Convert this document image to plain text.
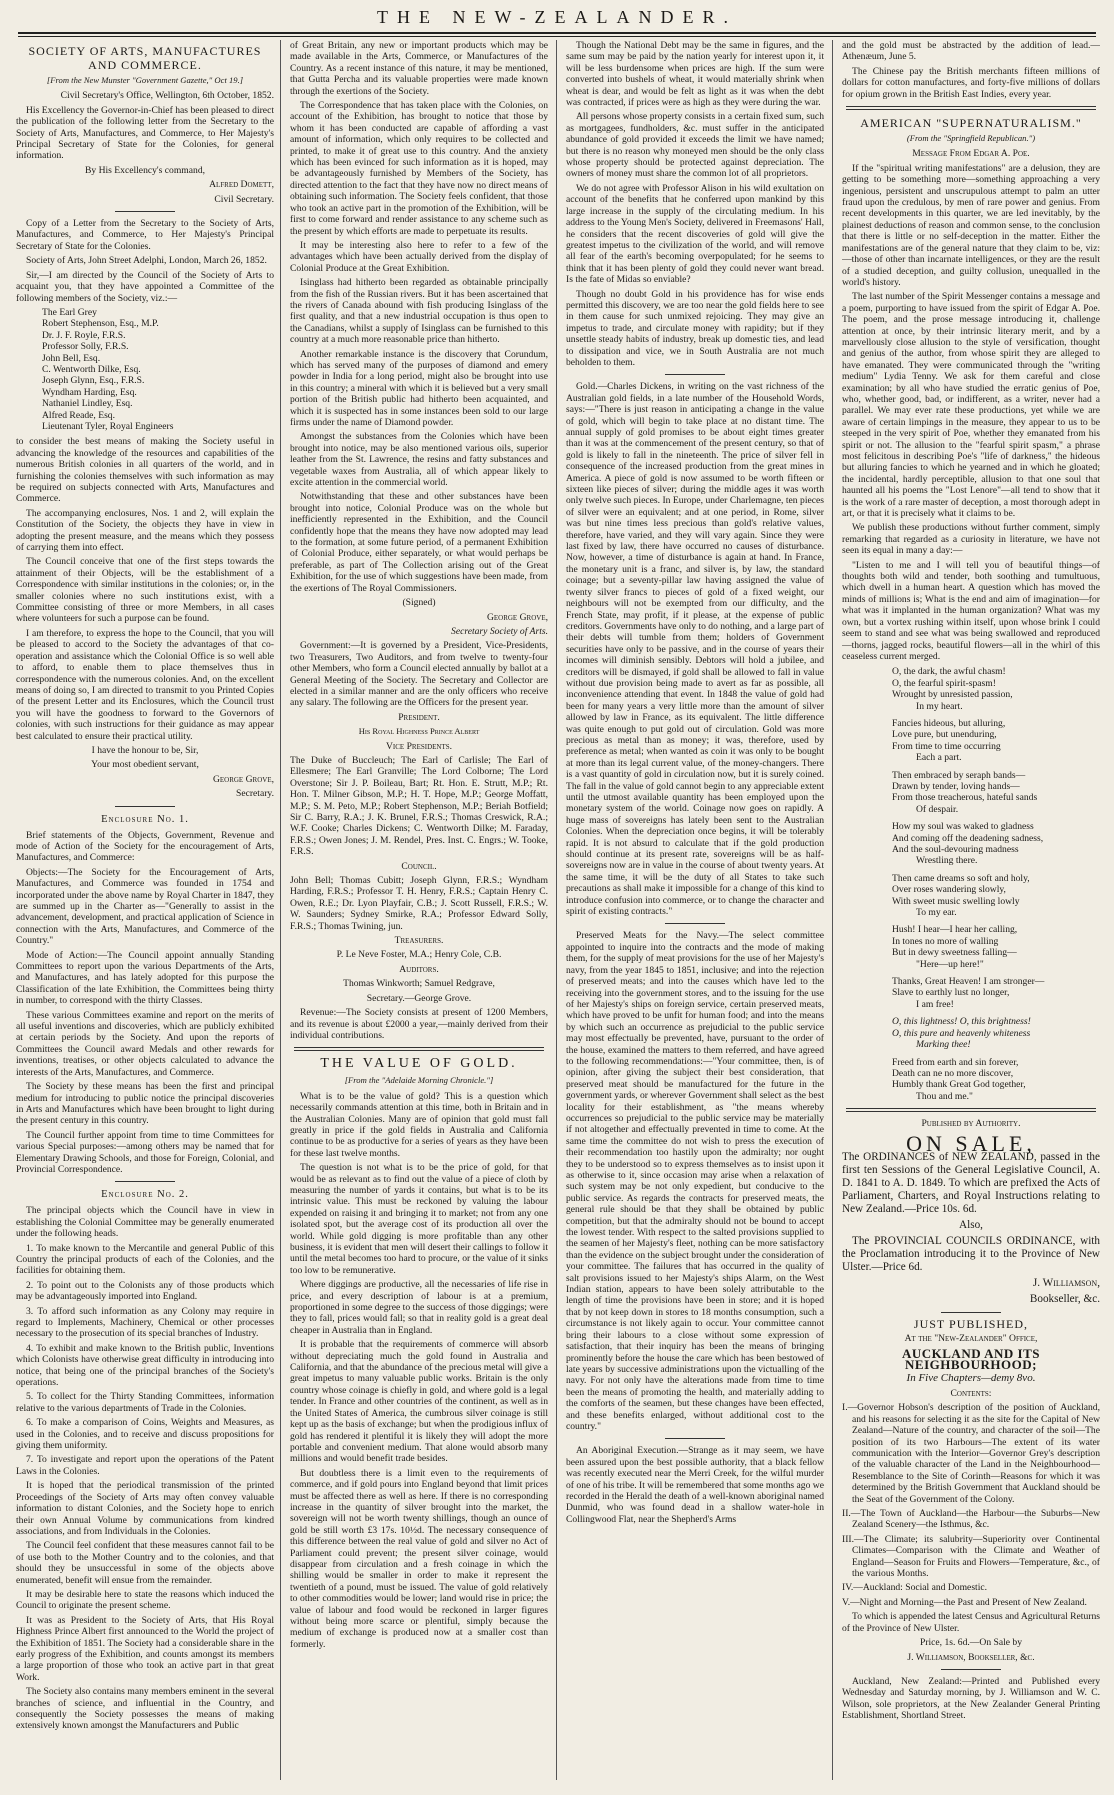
THE NEW-ZEALANDER.
SOCIETY OF ARTS, MANUFACTURES AND COMMERCE.
[From the New Munster "Government Gazette," Oct 19.]

Civil Secretary's Office, Wellington, 6th October, 1852.

His Excellency the Governor-in-Chief has been pleased to direct the publication of the following letter from the Secretary to the Society of Arts, Manufactures, and Commerce, to Her Majesty's Principal Secretary of State for the Colonies, for general information.

By His Excellency's command,

Alfred Domett,

Civil Secretary.

Copy of a Letter from the Secretary to the Society of Arts, Manufactures, and Commerce, to Her Majesty's Principal Secretary of State for the Colonies.

Society of Arts, John Street Adelphi, London, March 26, 1852.

Sir,—I am directed by the Council of the Society of Arts to acquaint you, that they have appointed a Committee of the following members of the Society, viz.:—

The Earl Grey
Robert Stephenson, Esq., M.P.
Dr. J. F. Royle, F.R.S.
Professor Solly, F.R.S.
John Bell, Esq.
C. Wentworth Dilke, Esq.
Joseph Glynn, Esq., F.R.S.
Wyndham Harding, Esq.
Nathaniel Lindley, Esq.
Alfred Reade, Esq.
Lieutenant Tyler, Royal Engineers

to consider the best means of making the Society useful in advancing the knowledge of the resources and capabilities of the numerous British colonies in all quarters of the world, and in furnishing the colonies themselves with such information as may be required on subjects connected with Arts, Manufactures and Commerce.

The accompanying enclosures, Nos. 1 and 2, will explain the Constitution of the Society, the objects they have in view in adopting the present measure, and the means which they possess of carrying them into effect.

The Council conceive that one of the first steps towards the attainment of their Objects, will be the establishment of a Correspondence with similar institutions in the colonies; or, in the smaller colonies where no such institutions exist, with a Committee consisting of three or more Members, in all cases where volunteers for such a purpose can be found.

I am therefore, to express the hope to the Council, that you will be pleased to accord to the Society the advantages of that co-operation and assistance which the Colonial Office is so well able to afford, to enable them to place themselves thus in correspondence with the numerous colonies. And, on the excellent means of doing so, I am directed to transmit to you Printed Copies of the present Letter and its Enclosures, which the Council trust you will have the goodness to forward to the Governors of colonies, with such instructions for their guidance as may appear best calculated to ensure their practical utility.

I have the honour to be, Sir,

Your most obedient servant,

George Grove,

Secretary.

Enclosure No. 1.

Brief statements of the Objects, Government, Revenue and mode of Action of the Society for the encouragement of Arts, Manufactures, and Commerce:

Objects:—The Society for the Encouragement of Arts, Manufactures, and Commerce was founded in 1754 and incorporated under the above name by Royal Charter in 1847, they are summed up in the Charter as—"Generally to assist in the advancement, development, and practical application of Science in connection with the Arts, Manufactures, and Commerce of the Country."

Mode of Action:—The Council appoint annually Standing Committees to report upon the various Departments of the Arts, and Manufactures, and has lately adopted for this purpose the Classification of the late Exhibition, the Committees being thirty in number, to correspond with the thirty Classes.

These various Committees examine and report on the merits of all useful inventions and discoveries, which are publicly exhibited at certain periods by the Society. And upon the reports of Committees the Council award Medals and other rewards for inventions, treatises, or other objects calculated to advance the interests of the Arts, Manufactures, and Commerce.

The Society by these means has been the first and principal medium for introducing to public notice the principal discoveries in Arts and Manufactures which have been brought to light during the present century in this country.

The Council further appoint from time to time Committees for various Special purposes:—among others may be named that for Elementary Drawing Schools, and those for Foreign, Colonial, and Provincial Correspondence.

Enclosure No. 2.

The principal objects which the Council have in view in establishing the Colonial Committee may be generally enumerated under the following heads.

1. To make known to the Mercantile and general Public of this Country the principal products of each of the Colonies, and the facilities for obtaining them.

2. To point out to the Colonists any of those products which may be advantageously imported into England.

3. To afford such information as any Colony may require in regard to Implements, Machinery, Chemical or other processes necessary to the prosecution of its special branches of Industry.

4. To exhibit and make known to the British public, Inventions which Colonists have otherwise great difficulty in introducing into notice, that being one of the principal branches of the Society's operations.

5. To collect for the Thirty Standing Committees, information relative to the various departments of Trade in the Colonies.

6. To make a comparison of Coins, Weights and Measures, as used in the Colonies, and to receive and discuss propositions for giving them uniformity.

7. To investigate and report upon the operations of the Patent Laws in the Colonies.

It is hoped that the periodical transmission of the printed Proceedings of the Society of Arts may often convey valuable information to distant Colonies, and the Society hope to enrich their own Annual Volume by communications from kindred associations, and from Individuals in the Colonies.

The Council feel confident that these measures cannot fail to be of use both to the Mother Country and to the colonies, and that should they be unsuccessful in some of the objects above enumerated, benefit will ensue from the remainder.

It may be desirable here to state the reasons which induced the Council to originate the present scheme.

It was as President to the Society of Arts, that His Royal Highness Prince Albert first announced to the World the project of the Exhibition of 1851. The Society had a considerable share in the early progress of the Exhibition, and counts amongst its members a large proportion of those who took an active part in that great Work.

The Society also contains many members eminent in the several branches of science, and influential in the Country, and consequently the Society possesses the means of making extensively known amongst the Manufacturers and Public

of Great Britain, any new or important products which may be made available in the Arts, Commerce, or Manufactures of the Country. As a recent instance of this nature, it may be mentioned, that Gutta Percha and its valuable properties were made known through the exertions of the Society.

The Correspondence that has taken place with the Colonies, on account of the Exhibition, has brought to notice that those by whom it has been conducted are capable of affording a vast amount of information, which only requires to be collected and printed, to make it of great use to this country. And the anxiety which has been evinced for such information as it is hoped, may be advantageously furnished by Members of the Society, has directed attention to the fact that they have now no direct means of obtaining such information. The Society feels confident, that those who took an active part in the promotion of the Exhibition, will be first to come forward and render assistance to any scheme such as the present by which efforts are made to perpetuate its results.

It may be interesting also here to refer to a few of the advantages which have been actually derived from the display of Colonial Produce at the Great Exhibition.

Isinglass had hitherto been regarded as obtainable principally from the fish of the Russian rivers. But it has been ascertained that the rivers of Canada abound with fish producing Isinglass of the first quality, and that a new industrial occupation is thus open to the Canadians, whilst a supply of Isinglass can be furnished to this country at a much more reasonable price than hitherto.

Another remarkable instance is the discovery that Corundum, which has served many of the purposes of diamond and emery powder in India for a long period, might also be brought into use in this country; a mineral with which it is believed but a very small portion of the British public had hitherto been acquainted, and which it is suspected has in some instances been sold to our large firms under the name of Diamond powder.

Amongst the substances from the Colonies which have been brought into notice, may be also mentioned various oils, superior leather from the St. Lawrence, the resins and fatty substances and vegetable waxes from Australia, all of which appear likely to excite attention in the commercial world.

Notwithstanding that these and other substances have been brought into notice, Colonial Produce was on the whole but inefficiently represented in the Exhibition, and the Council confidently hope that the means they have now adopted may lead to the formation, at some future period, of a permanent Exhibition of Colonial Produce, either separately, or what would perhaps be preferable, as part of The Collection arising out of the Great Exhibition, for the use of which suggestions have been made, from the exertions of The Royal Commissioners.

(Signed)

George Grove,

Secretary Society of Arts.

Government:—It is governed by a President, Vice-Presidents, two Treasurers, Two Auditors, and from twelve to twenty-four other Members, who form a Council elected annually by ballot at a General Meeting of the Society. The Secretary and Collector are elected in a similar manner and are the only officers who receive any salary. The following are the Officers for the present year.

President.

His Royal Highness Prince Albert

Vice Presidents.

The Duke of Buccleuch; The Earl of Carlisle; The Earl of Ellesmere; The Earl Granville; The Lord Colborne; The Lord Overstone; Sir J. P. Boileau, Bart; Rt. Hon. E. Strutt, M.P.; Rt. Hon. T. Milner Gibson, M.P.; H. T. Hope, M.P.; George Moffatt, M.P.; S. M. Peto, M.P.; Robert Stephenson, M.P.; Beriah Botfield; Sir C. Barry, R.A.; J. K. Brunel, F.R.S.; Thomas Creswick, R.A.; W.F. Cooke; Charles Dickens; C. Wentworth Dilke; M. Faraday, F.R.S.; Owen Jones; J. M. Rendel, Pres. Inst. C. Engrs.; W. Tooke, F.R.S.

Council.

John Bell; Thomas Cubitt; Joseph Glynn, F.R.S.; Wyndham Harding, F.R.S.; Professor T. H. Henry, F.R.S.; Captain Henry C. Owen, R.E.; Dr. Lyon Playfair, C.B.; J. Scott Russell, F.R.S.; W. W. Saunders; Sydney Smirke, R.A.; Professor Edward Solly, F.R.S.; Thomas Twining, jun.

Treasurers.

P. Le Neve Foster, M.A.; Henry Cole, C.B.

Auditors.

Thomas Winkworth; Samuel Redgrave,

Secretary.—George Grove.

Revenue:—The Society consists at present of 1200 Members, and its revenue is about £2000 a year,—mainly derived from their individual contributions.

THE VALUE OF GOLD.
[From the "Adelaide Morning Chronicle."]

What is to be the value of gold? This is a question which necessarily commands attention at this time, both in Britain and in the Australian Colonies. Many are of opinion that gold must fall greatly in price if the gold fields in Australia and California continue to be as productive for a series of years as they have been for these last twelve months.

The question is not what is to be the price of gold, for that would be as relevant as to find out the value of a piece of cloth by measuring the number of yards it contains, but what is to be its intrinsic value. This must be reckoned by valuing the labour expended on raising it and bringing it to market; not from any one isolated spot, but the average cost of its production all over the world. While gold digging is more profitable than any other business, it is evident that men will desert their callings to follow it until the metal becomes too hard to procure, or the value of it sinks too low to be remunerative.

Where diggings are productive, all the necessaries of life rise in price, and every description of labour is at a premium, proportioned in some degree to the success of those diggings; were they to fall, prices would fall; so that in reality gold is a great deal cheaper in Australia than in England.

It is probable that the requirements of commerce will absorb without depreciating much the gold found in Australia and California, and that the abundance of the precious metal will give a great impetus to many valuable public works. Britain is the only country whose coinage is chiefly in gold, and where gold is a legal tender. In France and other countries of the continent, as well as in the United States of America, the cumbrous silver coinage is still kept up as the basis of exchange; but when the prodigious influx of gold has rendered it plentiful it is likely they will adopt the more portable and convenient medium. That alone would absorb many millions and would benefit trade besides.

But doubtless there is a limit even to the requirements of commerce, and if gold pours into England beyond that limit prices must be affected there as well as here. If there is no corresponding increase in the quantity of silver brought into the market, the sovereign will not be worth twenty shillings, though an ounce of gold be still worth £3 17s. 10½d. The necessary consequence of this difference between the real value of gold and silver no Act of Parliament could prevent; the present silver coinage, would disappear from circulation and a fresh coinage in which the shilling would be smaller in order to make it represent the twentieth of a pound, must be issued. The value of gold relatively to other commodities would be lower; land would rise in price; the value of labour and food would be reckoned in larger figures without being more scarce or plentiful, simply because the medium of exchange is produced now at a smaller cost than formerly.

Though the National Debt may be the same in figures, and the same sum may be paid by the nation yearly for interest upon it, it will be less burdensome when prices are high. If the sum were converted into bushels of wheat, it would materially shrink when wheat is dear, and would be felt as light as it was when the debt was contracted, if prices were as high as they were during the war.

All persons whose property consists in a certain fixed sum, such as mortgagees, fundholders, &c. must suffer in the anticipated abundance of gold provided it exceeds the limit we have named; but there is no reason why moneyed men should be the only class whose property should be protected against depreciation. The owners of money must share the common lot of all proprietors.

We do not agree with Professor Alison in his wild exultation on account of the benefits that he conferred upon mankind by this large increase in the supply of the circulating medium. In his address to the Young Men's Society, delivered in Freemasons' Hall, he considers that the recent discoveries of gold will give the greatest impetus to the civilization of the world, and will remove all fear of the earth's becoming overpopulated; for he seems to think that it has been plenty of gold they could never want bread. Is the fate of Midas so enviable?

Though no doubt Gold in his providence has for wise ends permitted this discovery, we are too near the gold fields here to see in them cause for such unmixed rejoicing. They may give an impetus to trade, and circulate money with rapidity; but if they unsettle steady habits of industry, break up domestic ties, and lead to dissipation and vice, we in South Australia are not much beholden to them.

Gold.—Charles Dickens, in writing on the vast richness of the Australian gold fields, in a late number of the Household Words, says:—"There is just reason in anticipating a change in the value of gold, which will begin to take place at no distant time. The annual supply of gold promises to be about eight times greater than it was at the commencement of the present century, so that of gold is likely to fall in the nineteenth. The price of silver fell in consequence of the increased production from the great mines in America. A piece of gold is now assumed to be worth fifteen or sixteen like pieces of silver; during the middle ages it was worth only twelve such pieces. In Europe, under Charlemagne, ten pieces of silver were an equivalent; and at one period, in Rome, silver was but nine times less precious than gold's relative values, therefore, have varied, and they will vary again. Since they were last fixed by law, there have occurred no causes of disturbance. Now, however, a time of disturbance is again at hand. In France, the monetary unit is a franc, and silver is, by law, the standard coinage; but a seventy-pillar law having assigned the value of twenty silver francs to pieces of gold of a fixed weight, our neighbours will not be exempted from our difficulty, and the French State, may profit, if it please, at the expense of public creditors. Governments have only to do nothing, and a large part of their debts will tumble from them; holders of Government securities have only to be passive, and in the course of years their incomes will diminish sensibly. Debtors will hold a jubilee, and creditors will be dismayed, if gold shall be allowed to fall in value without due provision being made to avert as far as possible, all inconvenience attending that event. In 1848 the value of gold had been for many years a very little more than the amount of silver allowed by law in France, as its equivalent. The little difference was quite enough to put gold out of circulation. Gold was more precious as metal than as money; it was, therefore, used by preference as metal; when wanted as coin it was only to be bought at more than its legal current value, of the money-changers. There is a vast quantity of gold in circulation now, but it is surely coined. The fall in the value of gold cannot begin to any appreciable extent until the utmost available quantity has been employed upon the monetary system of the world. Coinage now goes on rapidly. A huge mass of sovereigns has lately been sent to the Australian Colonies. When the depreciation once begins, it will be tolerably rapid. It is not absurd to calculate that if the gold production should continue at its present rate, sovereigns will be as half-sovereigns now are in value in the course of about twenty years. At the same time, it will be the duty of all States to take such precautions as shall make it impossible for a change of this kind to introduce confusion into commerce, or to change the character and spirit of existing contracts."

Preserved Meats for the Navy.—The select committee appointed to inquire into the contracts and the mode of making them, for the supply of meat provisions for the use of her Majesty's navy, from the year 1845 to 1851, inclusive; and into the rejection of preserved meats; and into the causes which have led to the receiving into the government stores, and to the issuing for the use of her Majesty's ships on foreign service, certain preserved meats, which have proved to be unfit for human food; and into the means by which such an occurrence as prejudicial to the public service may most effectually be prevented, have, pursuant to the order of the house, examined the matters to them referred, and have agreed to the following recommendations:—"Your committee, then, is of opinion, after giving the subject their best consideration, that preserved meat should be manufactured for the future in the government yards, or wherever Government shall select as the best locality for their establishment, as "the means whereby occurrences so prejudicial to the public service may be materially if not altogether and effectually prevented in time to come. At the same time the committee do not wish to press the execution of their recommendation too hastily upon the admiralty; nor ought they to be understood so to express themselves as to insist upon it as otherwise to it, since occasion may arise when a relaxation of such system may be not only expedient, but conducive to the public service. As regards the contracts for preserved meats, the general rule should be that they shall be obtained by public competition, but that the admiralty should not be bound to accept the lowest tender. With respect to the salted provisions supplied to the seamen of her Majesty's fleet, nothing can be more satisfactory than the evidence on the subject brought under the consideration of your committee. The failures that has occurred in the quality of salt provisions issued to her Majesty's ships Alarm, on the West Indian station, appears to have been solely attributable to the length of time the provisions have been in store; and it is hoped that by not keep down in stores to 18 months consumption, such a circumstance is not likely again to occur. Your committee cannot bring their labours to a close without some expression of satisfaction, that their inquiry has been the means of bringing prominently before the house the care which has been bestowed of late years by successive administrations upon the victualling of the navy. For not only have the alterations made from time to time been the means of promoting the health, and materially adding to the comforts of the seamen, but these changes have been effected, and these benefits enlarged, without additional cost to the country."

An Aboriginal Execution.—Strange as it may seem, we have been assured upon the best possible authority, that a black fellow was recently executed near the Merri Creek, for the wilful murder of one of his tribe. It will be remembered that some months ago we recorded in the Herald the death of a well-known aboriginal named Dunmid, who was found dead in a shallow water-hole in Collingwood Flat, near the Shepherd's Arms

and the gold must be abstracted by the addition of lead.—Athenæum, June 5.

The Chinese pay the British merchants fifteen millions of dollars for cotton manufactures, and forty-five millions of dollars for opium grown in the British East Indies, every year.

AMERICAN "SUPERNATURALISM."
(From the "Springfield Republican.")

Message From Edgar A. Poe.

If the "spiritual writing manifestations" are a delusion, they are getting to be something more—something approaching a very ingenious, persistent and unscrupulous attempt to palm an utter fraud upon the credulous, by men of rare power and genius. From recent developments in this quarter, we are led inevitably, by the plainest deductions of reason and common sense, to the conclusion that there is little or no self-deception in the matter. Either the manifestations are of the general nature that they claim to be, viz:—those of other than incarnate intelligences, or they are the result of a studied deception, and guilty collusion, unequalled in the world's history.

The last number of the Spirit Messenger contains a message and a poem, purporting to have issued from the spirit of Edgar A. Poe. The poem, and the prose message introducing it, challenge attention at once, by their intrinsic literary merit, and by a marvellously close allusion to the style of versification, thought and genius of the author, from whose spirit they are alleged to have emanated. They were communicated through the "writing medium" Lydia Tenny. We ask for them careful and close examination; by all who have studied the erratic genius of Poe, who, whether good, bad, or indifferent, as a writer, never had a parallel. We may ever rate these productions, yet while we are aware of certain limpings in the measure, they appear to us to be steeped in the very spirit of Poe, whether they emanated from his spirit or not. The allusion to the "fearful spirit spasm," a phrase most felicitous in describing Poe's "life of darkness," the hideous but alluring fancies to which he yearned and in which he gloated; the incidental, hardly perceptible, allusion to that one soul that haunted all his poems the "Lost Lenore"—all tend to show that it is the work of a rare master of deception, a most thorough adept in art, or that it is precisely what it claims to be.

We publish these productions without further comment, simply remarking that regarded as a curiosity in literature, we have not seen its equal in many a day:—

"Listen to me and I will tell you of beautiful things—of thoughts both wild and tender, both soothing and tumultuous, which dwell in a human heart. A question which has moved the minds of millions is; What is the end and aim of imagination—for what was it implanted in the human organization? What was my own, but a vortex rushing within itself, upon whose brink I could seem to stand and see what was being swallowed and reproduced—thorns, jagged rocks, beautiful flowers—all in the whirl of this ceaseless current merged.

O, the dark, the awful chasm!

O, the fearful spirit-spasm!

Wrought by unresisted passion,

In my heart.

Fancies hideous, but alluring,

Love pure, but unenduring,

From time to time occurring

Each a part.

Then embraced by seraph bands—

Drawn by tender, loving hands—

From those treacherous, hateful sands

Of despair.

How my soul was waked to gladness

And coming off the deadening sadness,

And the soul-devouring madness

Wrestling there.

Then came dreams so soft and holy,

Over roses wandering slowly,

With sweet music swelling lowly

To my ear.

Hush! I hear—I hear her calling,

In tones no more of walling

But in dewy sweetness falling—

"Here—up here!"

Thanks, Great Heaven! I am stronger—

Slave to earthly lust no longer,

I am free!

O, this lightness! O, this brightness!

O, this pure and heavenly whiteness

Marking thee!

Freed from earth and sin forever,

Death can ne no more discover,

Humbly thank Great God together,

Thou and me."

Published by Authority.

ON SALE,

The ORDINANCES of NEW ZEALAND, passed in the first ten Sessions of the General Legislative Council, A. D. 1841 to A. D. 1849. To which are prefixed the Acts of Parliament, Charters, and Royal Instructions relating to New Zealand.—Price 10s. 6d.

Also,

The PROVINCIAL COUNCILS ORDINANCE, with the Proclamation introducing it to the Province of New Ulster.—Price 6d.

J. Williamson,

Bookseller, &c.

JUST PUBLISHED,

At the "New-Zealander" Office,

AUCKLAND AND ITS NEIGHBOURHOOD;
In Five Chapters—demy 8vo.

Contents:

I.—Governor Hobson's description of the position of Auckland, and his reasons for selecting it as the site for the Capital of New Zealand—Nature of the country, and character of the soil—The position of its two Harbours—The extent of its water communication with the Interior—Governor Grey's description of the valuable character of the Land in the Neighbourhood—Resemblance to the Site of Corinth—Reasons for which it was determined by the British Government that Auckland should be the Seat of the Government of the Colony.

II.—The Town of Auckland—the Harbour—the Suburbs—New Zealand Scenery—the Isthmus, &c.

III.—The Climate; its salubrity—Superiority over Continental Climates—Comparison with the Climate and Weather of England—Season for Fruits and Flowers—Temperature, &c., of the various Months.

IV.—Auckland: Social and Domestic.

V.—Night and Morning—the Past and Present of New Zealand.

To which is appended the latest Census and Agricultural Returns of the Province of New Ulster.

Price, 1s. 6d.—On Sale by

J. Williamson, Bookseller, &c.

Auckland, New Zealand:—Printed and Published every Wednesday and Saturday morning, by J. Williamson and W. C. Wilson, sole proprietors, at the New Zealander General Printing Establishment, Shortland Street.
